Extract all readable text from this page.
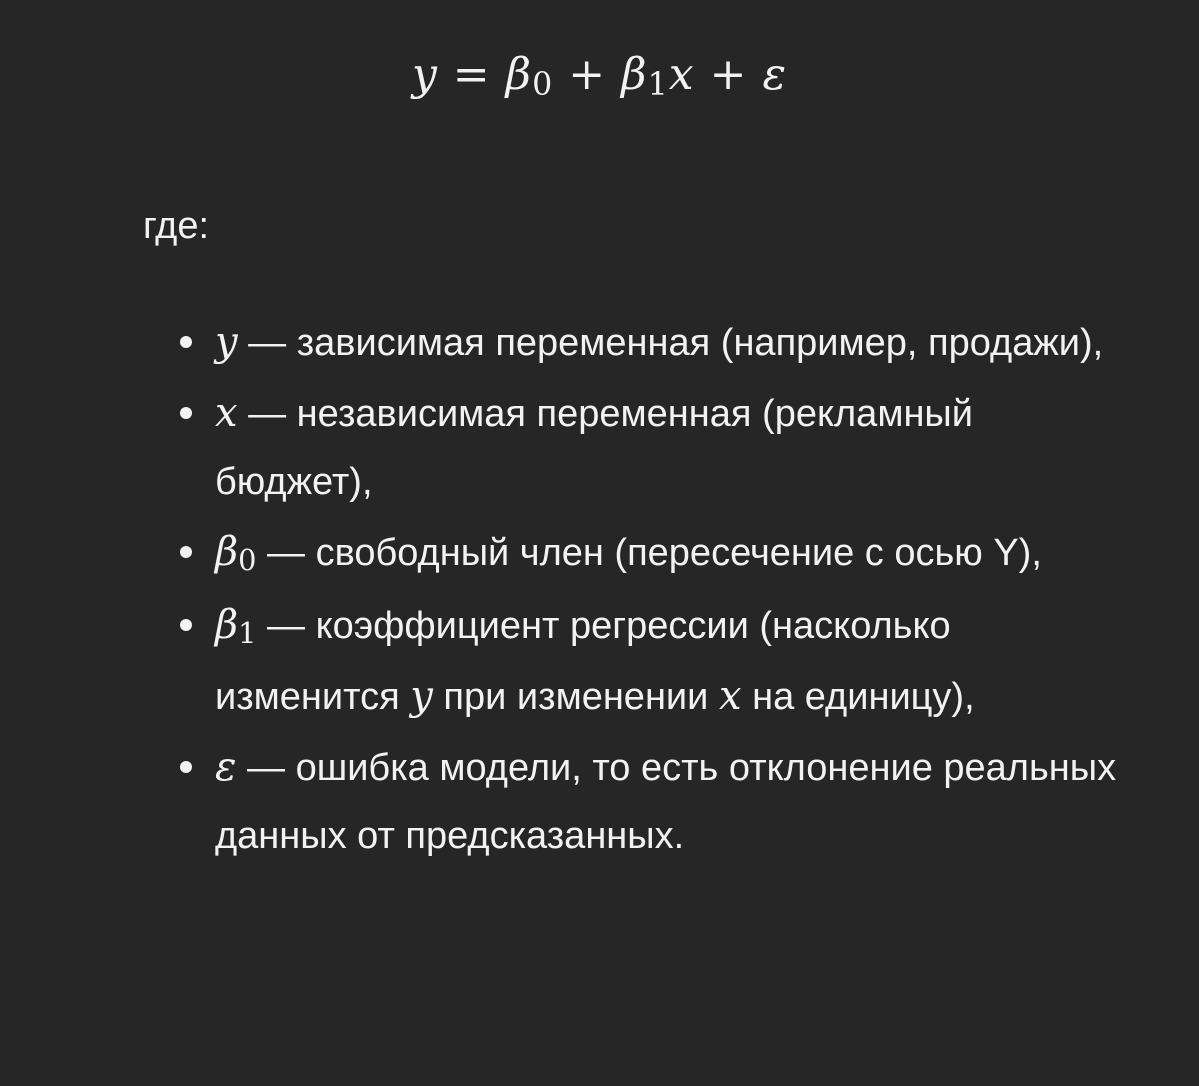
y = β0 + β1x + ε
где:
y — зависимая переменная (например, продажи),
x — независимая переменная (рекламный бюджет),
β0 — свободный член (пересечение с осью Y),
β1 — коэффициент регрессии (насколько изменится y при изменении x на единицу),
ε — ошибка модели, то есть отклонение реальных данных от предсказанных.
